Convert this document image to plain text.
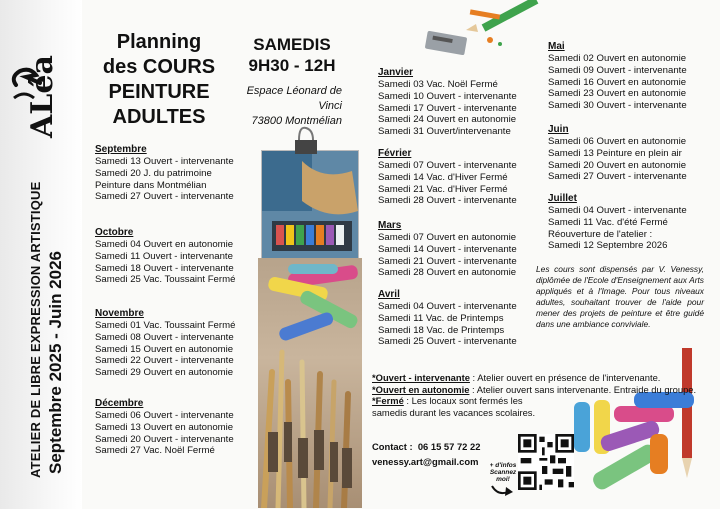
ATELIER DE LIBRE EXPRESSION ARTISTIQUE Septembre 2025 - Juin 2026
ALéa
Planning
des COURS
PEINTURE
ADULTES
SAMEDIS
9H30 - 12H
Espace Léonard de Vinci
73800 Montmélian
Septembre
Samedi 13 Ouvert - intervenante
Samedi 20 J. du patrimoine
Peinture dans Montmélian
Samedi 27 Ouvert - intervenante
Octobre
Samedi 04 Ouvert en autonomie
Samedi 11 Ouvert - intervenante
Samedi 18 Ouvert - intervenante
Samedi 25 Vac. Toussaint Fermé
Novembre
Samedi 01 Vac. Toussaint Fermé
Samedi 08 Ouvert - intervenante
Samedi 15 Ouvert en autonomie
Samedi 22 Ouvert - intervenante
Samedi 29 Ouvert en autonomie
Décembre
Samedi 06 Ouvert - intervenante
Samedi 13 Ouvert en autonomie
Samedi 20 Ouvert - intervenante
Samedi 27 Vac. Noël Fermé
Janvier
Samedi 03 Vac. Noël Fermé
Samedi 10 Ouvert - intervenante
Samedi 17 Ouvert - intervenante
Samedi 24 Ouvert en autonomie
Samedi 31 Ouvert/intervenante
Février
Samedi 07 Ouvert - intervenante
Samedi 14 Vac. d'Hiver Fermé
Samedi 21 Vac. d'Hiver Fermé
Samedi 28 Ouvert - intervenante
Mars
Samedi 07 Ouvert en autonomie
Samedi 14 Ouvert - intervenante
Samedi 21 Ouvert - intervenante
Samedi 28 Ouvert en autonomie
Avril
Samedi 04 Ouvert - intervenante
Samedi 11 Vac. de Printemps
Samedi 18 Vac. de Printemps
Samedi 25 Ouvert - intervenante
Mai
Samedi 02 Ouvert en autonomie
Samedi 09 Ouvert - intervenante
Samedi 16 Ouvert en autonomie
Samedi 23 Ouvert en autonomie
Samedi 30 Ouvert - intervenante
Juin
Samedi 06 Ouvert en autonomie
Samedi 13 Peinture en plein air
Samedi 20 Ouvert en autonomie
Samedi 27 Ouvert - intervenante
Juillet
Samedi 04 Ouvert - intervenante
Samedi 11 Vac. d'été Fermé
Réouverture de l'atelier :
Samedi 12 Septembre 2026
Les cours sont dispensés par V. Venessy, diplômée de l'Ecole d'Enseignement aux Arts appliqués et à l'Image. Pour tous niveaux adultes, souhaitant trouver de l'aide pour mener des projets de peinture et être guidé dans une ambiance conviviale.
*Ouvert - intervenante : Atelier ouvert en présence de l'intervenante.
*Ouvert en autonomie : Atelier ouvert sans intervenante. Entraide du groupe.
*Fermé : Les locaux sont fermés les
samedis durant les vacances scolaires.
Contact : 06 15 57 72 22
venessy.art@gmail.com	+ d'infos Scannez moi!
